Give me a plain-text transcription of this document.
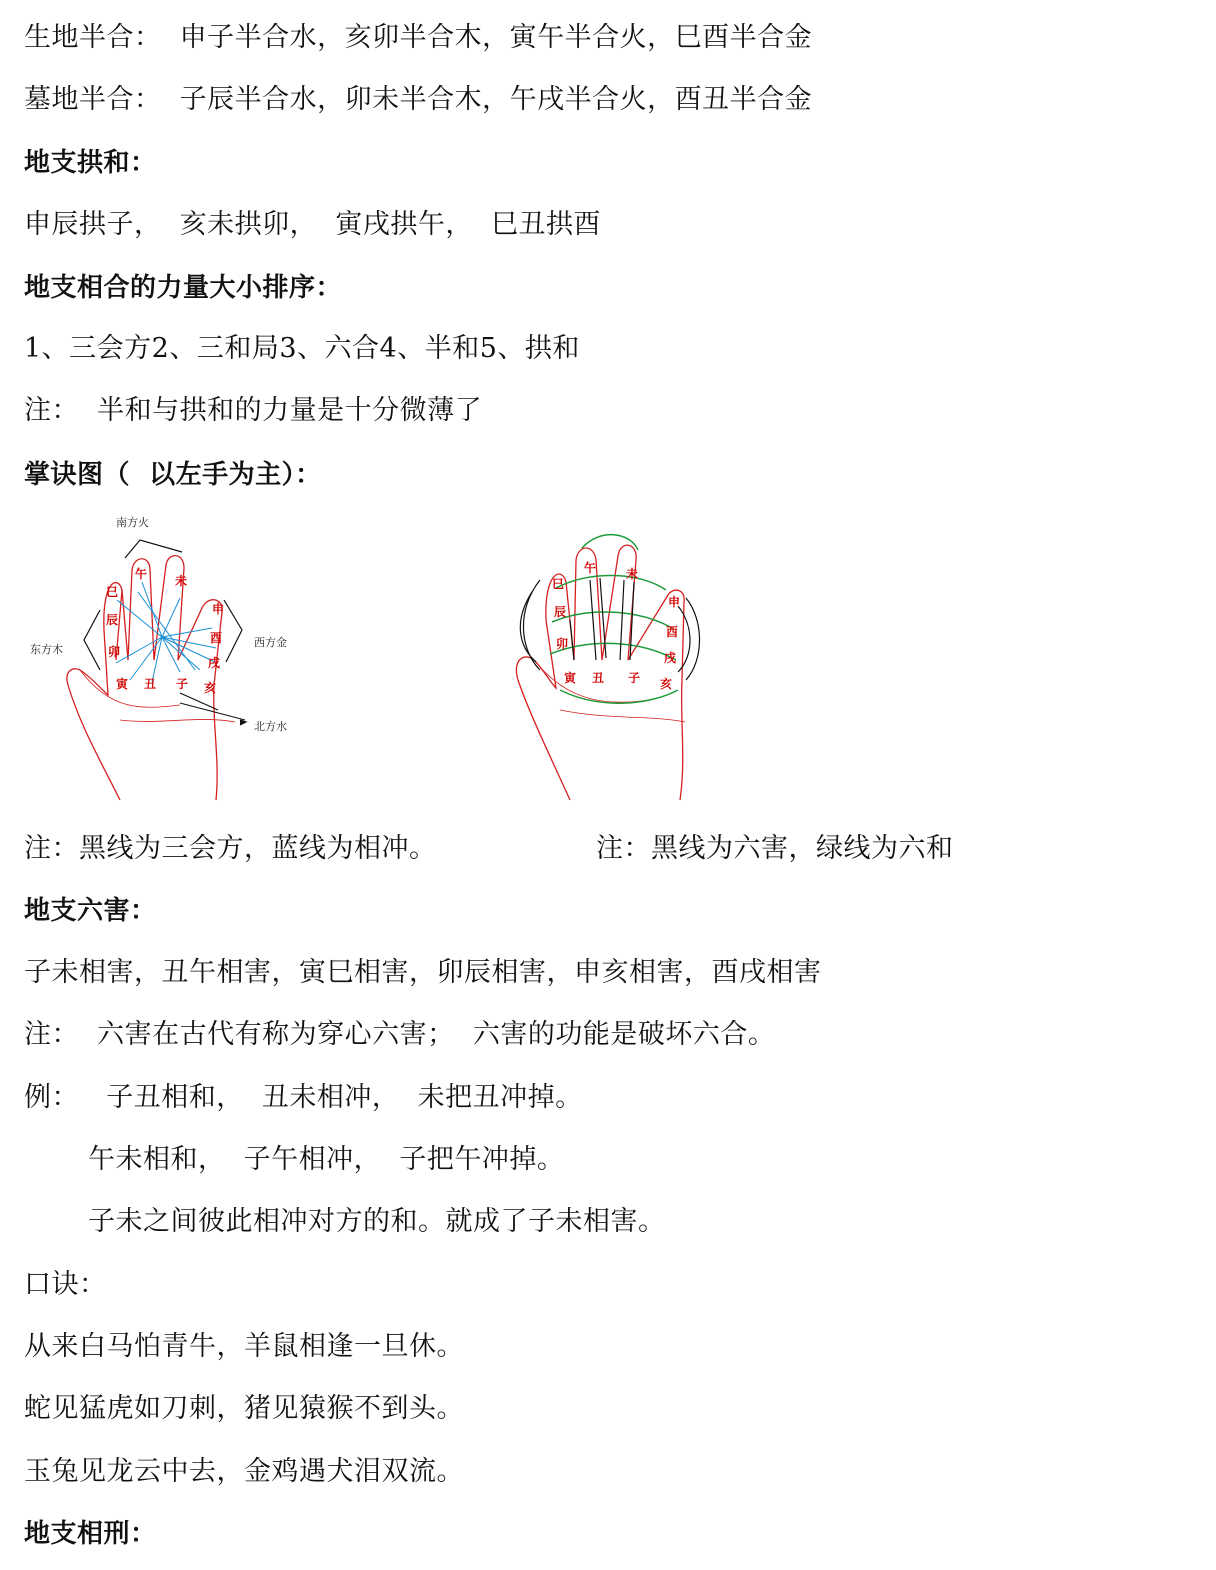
生地半合：  申子半合水，亥卯半合木，寅午半合火，巳酉半合金
墓地半合：  子辰半合水，卯未半合木，午戌半合火，酉丑半合金
地支拱和：
申辰拱子，  亥未拱卯，  寅戌拱午，  巳丑拱酉
地支相合的力量大小排序：
1、三会方2、三和局3、六合4、半和5、拱和
注：  半和与拱和的力量是十分微薄了
掌诀图（  以左手为主）：
南方火
东方木
西方金
北方水
巳
辰
卯
午 未
申
酉
戌
寅 丑 子 亥
巳
辰
卯
午 未
申
酉
戌
寅 丑 子 亥
注：黑线为三会方，蓝线为相冲。	注：黑线为六害，绿线为六和
地支六害：
子未相害，丑午相害，寅巳相害，卯辰相害，申亥相害，酉戌相害
注：  六害在古代有称为穿心六害；  六害的功能是破坏六合。
例：   子丑相和，  丑未相冲，  未把丑冲掉。
午未相和，  子午相冲，  子把午冲掉。
子未之间彼此相冲对方的和。就成了子未相害。
口诀：
从来白马怕青牛，羊鼠相逢一旦休。
蛇见猛虎如刀刺，猪见猿猴不到头。
玉兔见龙云中去，金鸡遇犬泪双流。
地支相刑：
